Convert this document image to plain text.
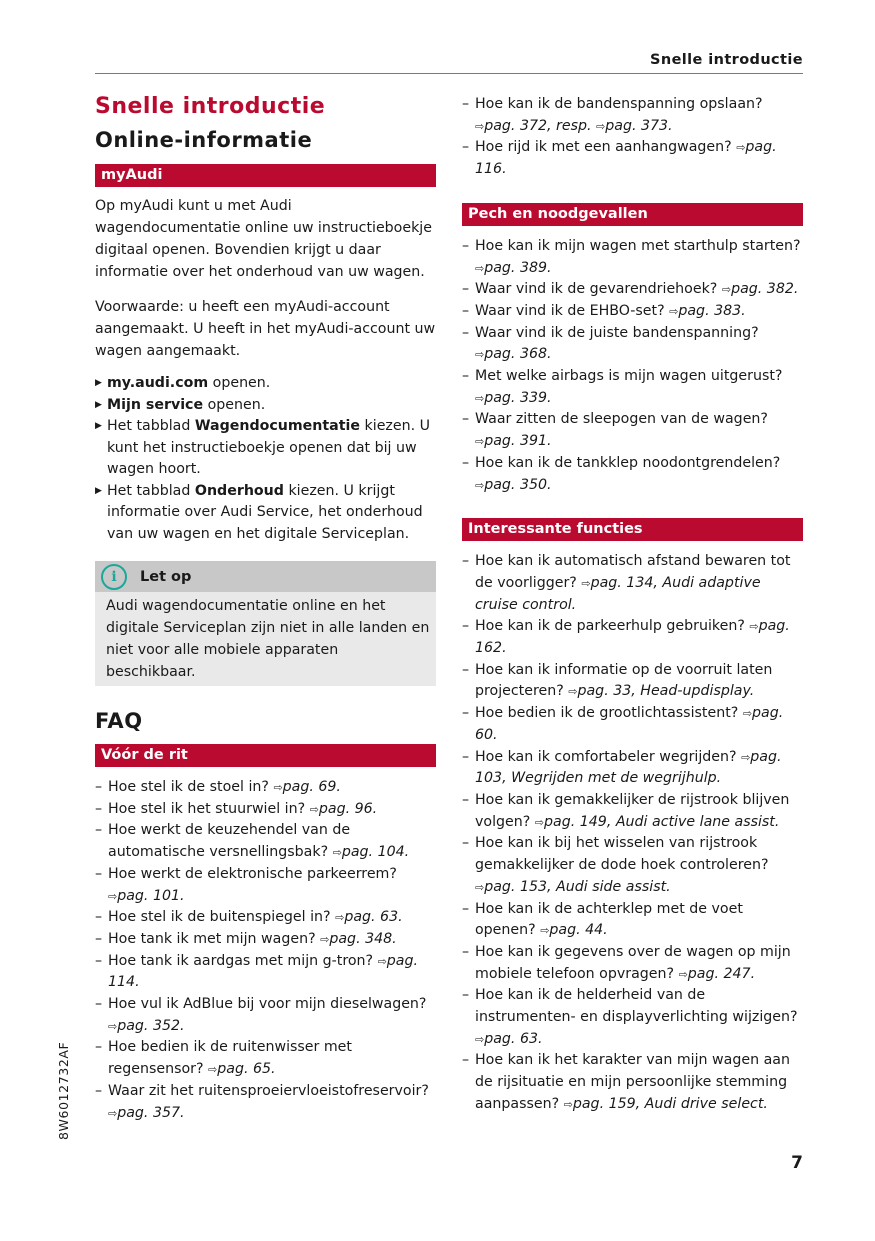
Snelle introductie
Snelle introductie
Online-informatie
myAudi
Op myAudi kunt u met Audi wagendocumentatie online uw instructieboekje digitaal openen. Bovendien krijgt u daar informatie over het onderhoud van uw wagen.
Voorwaarde: u heeft een myAudi-account aangemaakt. U heeft in het myAudi-account uw wagen aangemaakt.
▶ my.audi.com openen.
▶ Mijn service openen.
▶ Het tabblad Wagendocumentatie kiezen. U kunt het instructieboekje openen dat bij uw wagen hoort.
▶ Het tabblad Onderhoud kiezen. U krijgt informatie over Audi Service, het onderhoud van uw wagen en het digitale Serviceplan.
i	Let op
Audi wagendocumentatie online en het digitale Serviceplan zijn niet in alle landen en niet voor alle mobiele apparaten beschikbaar.
FAQ
Vóór de rit
– Hoe stel ik de stoel in? ⇨pag. 69.
– Hoe stel ik het stuurwiel in? ⇨pag. 96.
– Hoe werkt de keuzehendel van de automatische versnellingsbak? ⇨pag. 104.
– Hoe werkt de elektronische parkeerrem? ⇨pag. 101.
– Hoe stel ik de buitenspiegel in? ⇨pag. 63.
– Hoe tank ik met mijn wagen? ⇨pag. 348.
– Hoe tank ik aardgas met mijn g-tron? ⇨pag. 114.
– Hoe vul ik AdBlue bij voor mijn dieselwagen? ⇨pag. 352.
– Hoe bedien ik de ruitenwisser met regensensor? ⇨pag. 65.
– Waar zit het ruitensproeiervloeistofreservoir? ⇨pag. 357.
– Hoe kan ik de bandenspanning opslaan? ⇨pag. 372, resp. ⇨pag. 373.
– Hoe rijd ik met een aanhangwagen? ⇨pag. 116.
Pech en noodgevallen
– Hoe kan ik mijn wagen met starthulp starten? ⇨pag. 389.
– Waar vind ik de gevarendriehoek? ⇨pag. 382.
– Waar vind ik de EHBO-set? ⇨pag. 383.
– Waar vind ik de juiste bandenspanning? ⇨pag. 368.
– Met welke airbags is mijn wagen uitgerust? ⇨pag. 339.
– Waar zitten de sleepogen van de wagen? ⇨pag. 391.
– Hoe kan ik de tankklep noodontgrendelen? ⇨pag. 350.
Interessante functies
– Hoe kan ik automatisch afstand bewaren tot de voorligger? ⇨pag. 134, Audi adaptive cruise control.
– Hoe kan ik de parkeerhulp gebruiken? ⇨pag. 162.
– Hoe kan ik informatie op de voorruit laten projecteren? ⇨pag. 33, Head-updisplay.
– Hoe bedien ik de grootlichtassistent? ⇨pag. 60.
– Hoe kan ik comfortabeler wegrijden? ⇨pag. 103, Wegrijden met de wegrijhulp.
– Hoe kan ik gemakkelijker de rijstrook blijven volgen? ⇨pag. 149, Audi active lane assist.
– Hoe kan ik bij het wisselen van rijstrook gemakkelijker de dode hoek controleren? ⇨pag. 153, Audi side assist.
– Hoe kan ik de achterklep met de voet openen? ⇨pag. 44.
– Hoe kan ik gegevens over de wagen op mijn mobiele telefoon opvragen? ⇨pag. 247.
– Hoe kan ik de helderheid van de instrumenten- en displayverlichting wijzigen? ⇨pag. 63.
– Hoe kan ik het karakter van mijn wagen aan de rijsituatie en mijn persoonlijke stemming aanpassen? ⇨pag. 159, Audi drive select.
8W6012732AF
7
